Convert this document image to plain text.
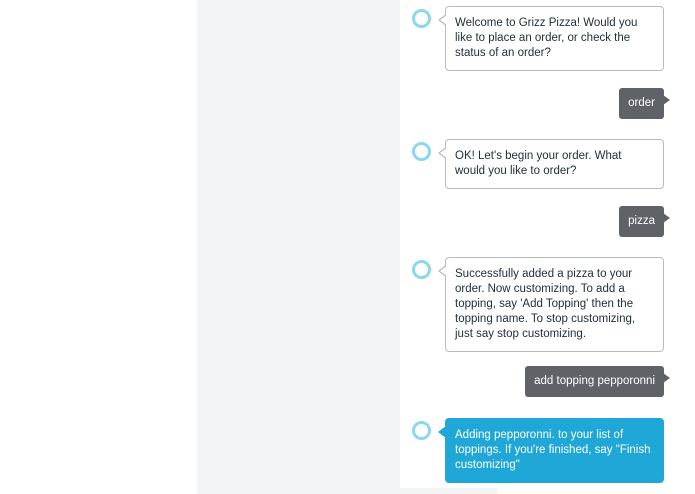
Welcome to Grizz Pizza! Would you like to place an order, or check the status of an order?
order
OK! Let's begin your order. What would you like to order?
pizza
Successfully added a pizza to your order. Now customizing. To add a topping, say 'Add Topping' then the topping name. To stop customizing, just say stop customizing.
add topping pepporonni
Adding pepporonni. to your list of toppings. If you're finished, say "Finish customizing"
